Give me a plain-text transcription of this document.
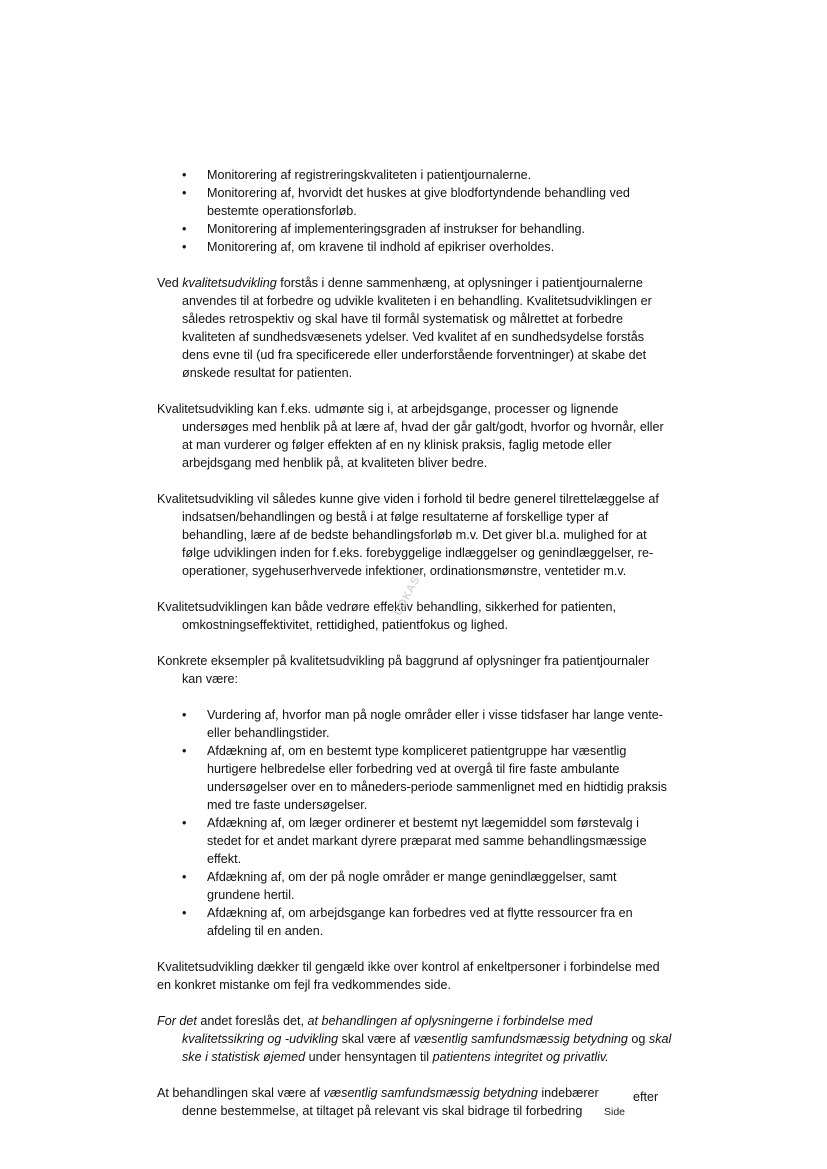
• Monitorering af registreringskvaliteten i patientjournalerne.
• Monitorering af, hvorvidt det huskes at give blodfortyndende behandling ved bestemte operationsforløb.
• Monitorering af implementeringsgraden af instrukser for behandling.
• Monitorering af, om kravene til indhold af epikriser overholdes.

Ved kvalitetsudvikling forstås i denne sammenhæng, at oplysninger i patientjournalerne anvendes til at forbedre og udvikle kvaliteten i en behandling. Kvalitetsudviklingen er således retrospektiv og skal have til formål systematisk og målrettet at forbedre kvaliteten af sundhedsvæsenets ydelser. Ved kvalitet af en sundhedsydelse forstås dens evne til (ud fra specificerede eller underforstående forventninger) at skabe det ønskede resultat for patienten.

Kvalitetsudvikling kan f.eks. udmønte sig i, at arbejdsgange, processer og lignende undersøges med henblik på at lære af, hvad der går galt/godt, hvorfor og hvornår, eller at man vurderer og følger effekten af en ny klinisk praksis, faglig metode eller arbejdsgang med henblik på, at kvaliteten bliver bedre.

Kvalitetsudvikling vil således kunne give viden i forhold til bedre generel tilrettelæggelse af indsatsen/behandlingen og bestå i at følge resultaterne af forskellige typer af behandling, lære af de bedste behandlingsforløb m.v. Det giver bl.a. mulighed for at følge udviklingen inden for f.eks. forebyggelige indlæggelser og genindlæggelser, re-operationer, sygehuserhvervede infektioner, ordinationsmønstre, ventetider m.v.

Kvalitetsudviklingen kan både vedrøre effektiv behandling, sikkerhed for patienten, omkostningseffektivitet, rettidighed, patientfokus og lighed.

Konkrete eksempler på kvalitetsudvikling på baggrund af oplysninger fra patientjournaler kan være:

• Vurdering af, hvorfor man på nogle områder eller i visse tidsfaser har lange vente- eller behandlingstider.
• Afdækning af, om en bestemt type kompliceret patientgruppe har væsentlig hurtigere helbredelse eller forbedring ved at overgå til fire faste ambulante undersøgelser over en to måneders-periode sammenlignet med en hidtidig praksis med tre faste undersøgelser.
• Afdækning af, om læger ordinerer et bestemt nyt lægemiddel som førstevalg i stedet for et andet markant dyrere præparat med samme behandlingsmæssige effekt.
• Afdækning af, om der på nogle områder er mange genindlæggelser, samt grundene hertil.
• Afdækning af, om arbejdsgange kan forbedres ved at flytte ressourcer fra en afdeling til en anden.

Kvalitetsudvikling dækker til gengæld ikke over kontrol af enkeltpersoner i forbindelse med en konkret mistanke om fejl fra vedkommendes side.

For det andet foreslås det, at behandlingen af oplysningerne i forbindelse med kvalitetssikring og -udvikling skal være af væsentlig samfundsmæssig betydning og skal ske i statistisk øjemed under hensyntagen til patientens integritet og privatliv.

At behandlingen skal være af væsentlig samfundsmæssig betydning indebærer
denne bestemmelse, at tiltaget på relevant vis skal bidrage til forbedring

efter
UDKAST
Side
